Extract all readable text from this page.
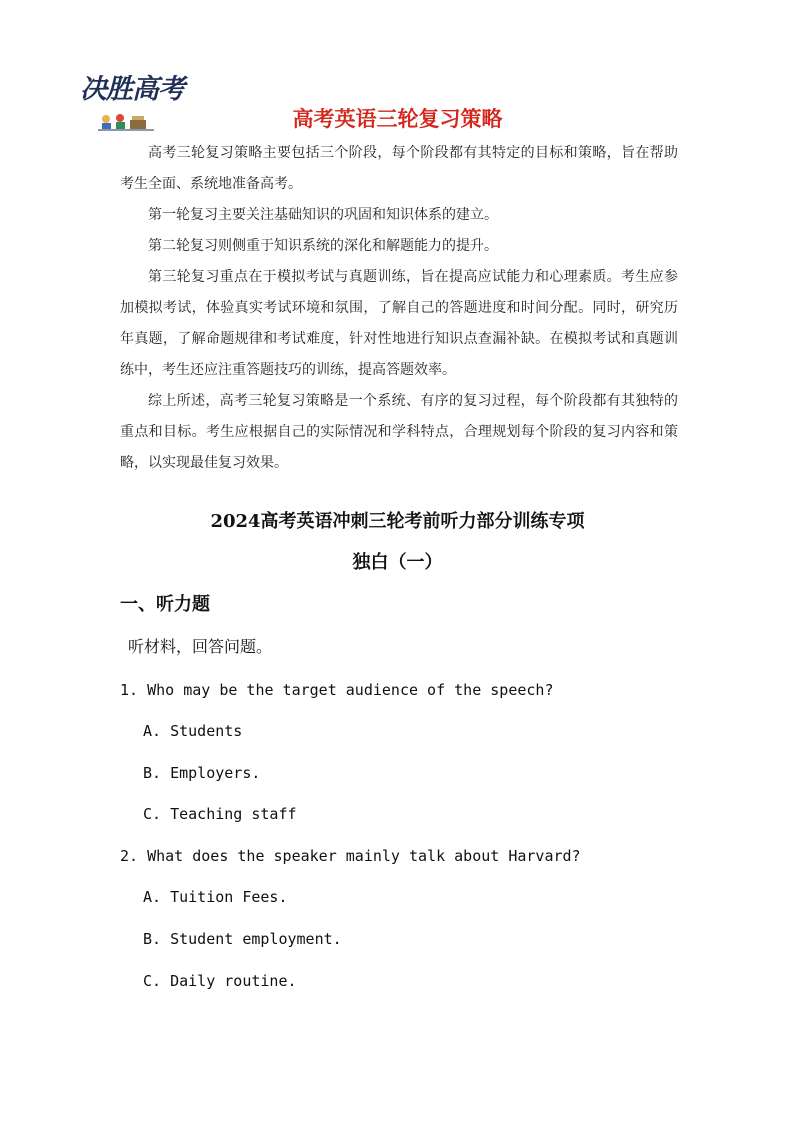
决胜高考
高考英语三轮复习策略

高考三轮复习策略主要包括三个阶段，每个阶段都有其特定的目标和策略，旨在帮助考生全面、系统地准备高考。

第一轮复习主要关注基础知识的巩固和知识体系的建立。

第二轮复习则侧重于知识系统的深化和解题能力的提升。

第三轮复习重点在于模拟考试与真题训练，旨在提高应试能力和心理素质。考生应参加模拟考试，体验真实考试环境和氛围，了解自己的答题进度和时间分配。同时，研究历年真题，了解命题规律和考试难度，针对性地进行知识点查漏补缺。在模拟考试和真题训练中，考生还应注重答题技巧的训练，提高答题效率。

综上所述，高考三轮复习策略是一个系统、有序的复习过程，每个阶段都有其独特的重点和目标。考生应根据自己的实际情况和学科特点，合理规划每个阶段的复习内容和策略，以实现最佳复习效果。

2024高考英语冲刺三轮考前听力部分训练专项
独白（一）
一、听力题
听材料，回答问题。
1. Who may be the target audience of the speech?
A. Students
B. Employers.
C. Teaching staff
2. What does the speaker mainly talk about Harvard?
A. Tuition Fees.
B. Student employment.
C. Daily routine.
